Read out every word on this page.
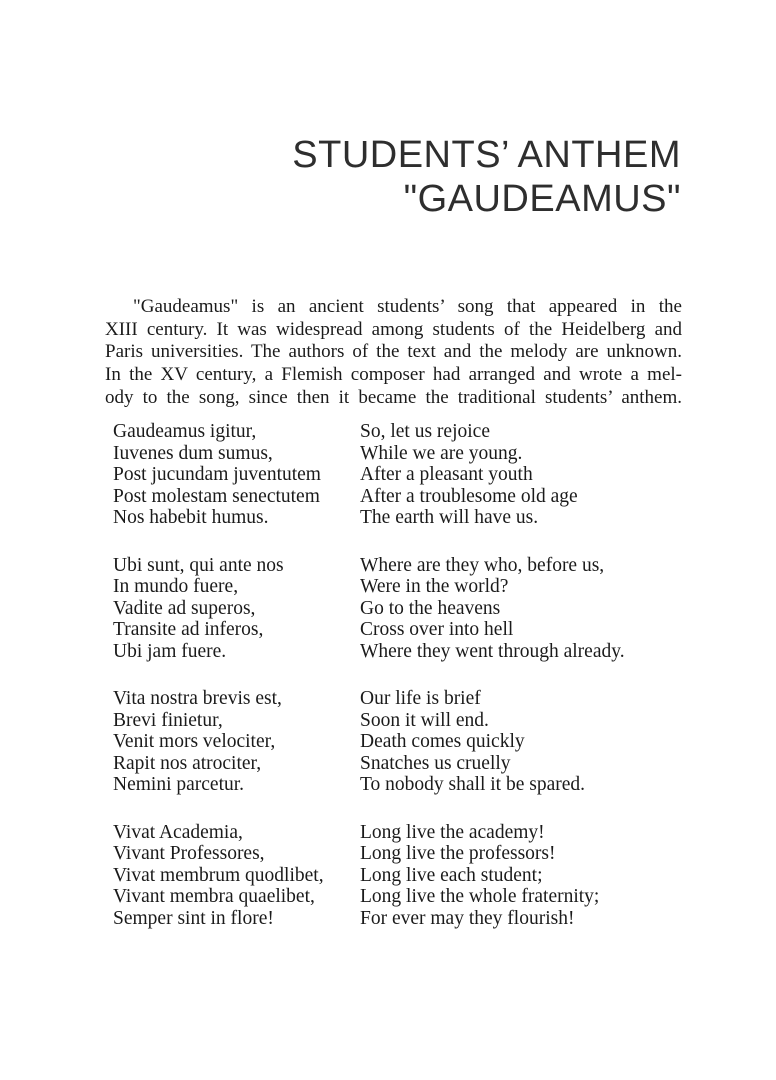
STUDENTS’ ANTHEM
"GAUDEAMUS"
"Gaudeamus" is an ancient students’ song that appeared in the
XIII century. It was widespread among students of the Heidelberg and
Paris universities. The authors of the text and the melody are unknown.
In the XV century, a Flemish composer had arranged and wrote a mel-
ody to the song, since then it became the traditional students’ anthem.
Gaudeamus igitur,
Iuvenes dum sumus,
Post jucundam juventutem
Post molestam senectutem
Nos habebit humus.
So, let us rejoice
While we are young.
After a pleasant youth
After a troublesome old age
The earth will have us.
Ubi sunt, qui ante nos
In mundo fuere,
Vadite ad superos,
Transite ad inferos,
Ubi jam fuere.
Where are they who, before us,
Were in the world?
Go to the heavens
Cross over into hell
Where they went through already.
Vita nostra brevis est,
Brevi finietur,
Venit mors velociter,
Rapit nos atrociter,
Nemini parcetur.
Our life is brief
Soon it will end.
Death comes quickly
Snatches us cruelly
To nobody shall it be spared.
Vivat Academia,
Vivant Professores,
Vivat membrum quodlibet,
Vivant membra quaelibet,
Semper sint in flore!
Long live the academy!
Long live the professors!
Long live each student;
Long live the whole fraternity;
For ever may they flourish!
